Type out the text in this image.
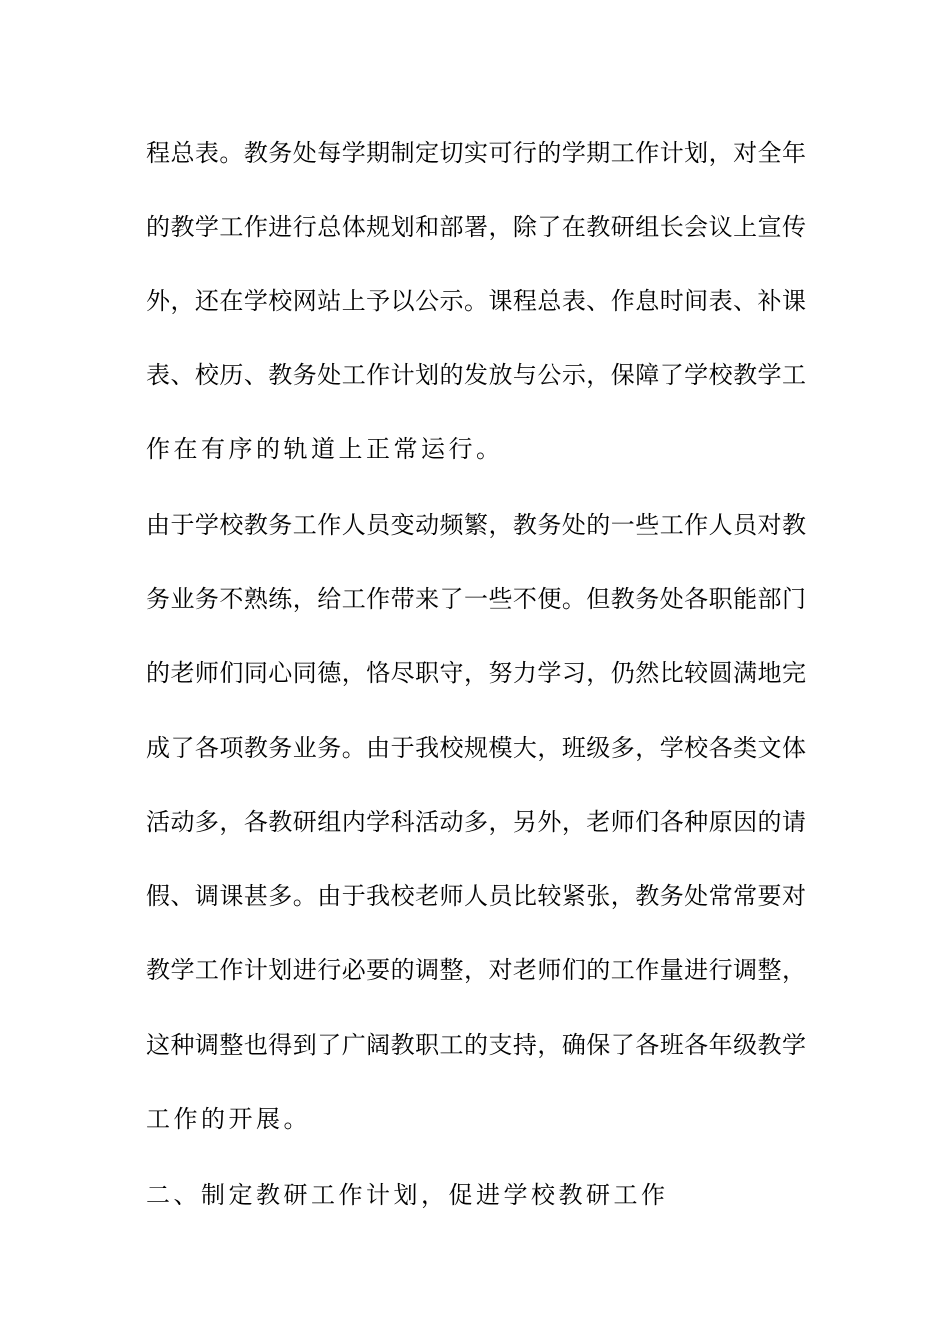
程总表。教务处每学期制定切实可行的学期工作计划，对全年
的教学工作进行总体规划和部署，除了在教研组长会议上宣传
外，还在学校网站上予以公示。课程总表、作息时间表、补课
表、校历、教务处工作计划的发放与公示，保障了学校教学工
作在有序的轨道上正常运行。
由于学校教务工作人员变动频繁，教务处的一些工作人员对教
务业务不熟练，给工作带来了一些不便。但教务处各职能部门
的老师们同心同德，恪尽职守，努力学习，仍然比较圆满地完
成了各项教务业务。由于我校规模大，班级多，学校各类文体
活动多，各教研组内学科活动多，另外，老师们各种原因的请
假、调课甚多。由于我校老师人员比较紧张，教务处常常要对
教学工作计划进行必要的调整，对老师们的工作量进行调整，
这种调整也得到了广阔教职工的支持，确保了各班各年级教学
工作的开展。
二、制定教研工作计划，促进学校教研工作
